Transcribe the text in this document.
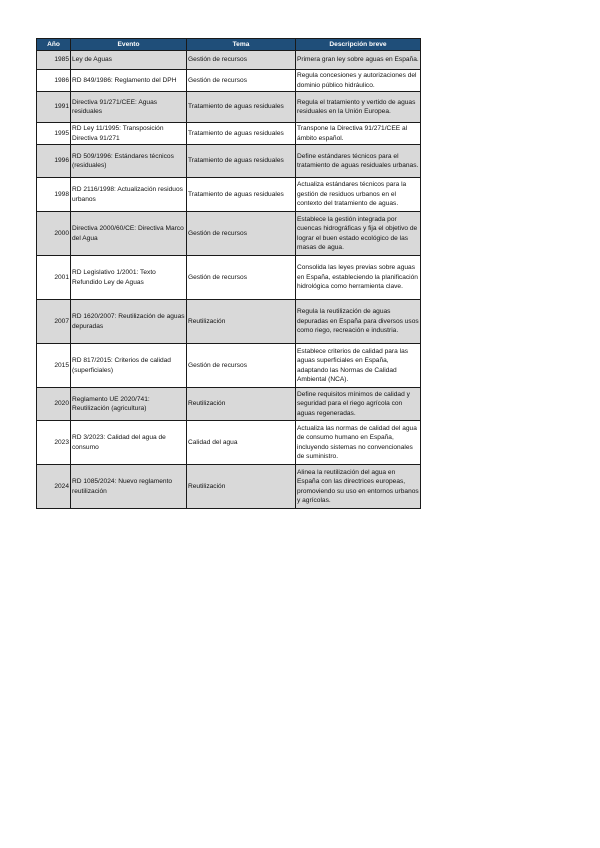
Año	Evento	Tema	Descripción breve
1985	Ley de Aguas	Gestión de recursos	Primera gran ley sobre aguas en España.
1986	RD 849/1986: Reglamento del DPH	Gestión de recursos	Regula concesiones y autorizaciones del dominio público hidráulico.
1991	Directiva 91/271/CEE: Aguas residuales	Tratamiento de aguas residuales	Regula el tratamiento y vertido de aguas residuales en la Unión Europea.
1995	RD Ley 11/1995: Transposición Directiva 91/271	Tratamiento de aguas residuales	Transpone la Directiva 91/271/CEE al ámbito español.
1996	RD 509/1996: Estándares técnicos (residuales)	Tratamiento de aguas residuales	Define estándares técnicos para el tratamiento de aguas residuales urbanas.
1998	RD 2116/1998: Actualización residuos urbanos	Tratamiento de aguas residuales	Actualiza estándares técnicos para la gestión de residuos urbanos en el contexto del tratamiento de aguas.
2000	Directiva 2000/60/CE: Directiva Marco del Agua	Gestión de recursos	Establece la gestión integrada por cuencas hidrográficas y fija el objetivo de lograr el buen estado ecológico de las masas de agua.
2001	RD Legislativo 1/2001: Texto Refundido Ley de Aguas	Gestión de recursos	Consolida las leyes previas sobre aguas en España, estableciendo la planificación hidrológica como herramienta clave.
2007	RD 1620/2007: Reutilización de aguas depuradas	Reutilización	Regula la reutilización de aguas depuradas en España para diversos usos como riego, recreación e industria.
2015	RD 817/2015: Criterios de calidad (superficiales)	Gestión de recursos	Establece criterios de calidad para las aguas superficiales en España, adaptando las Normas de Calidad Ambiental (NCA).
2020	Reglamento UE 2020/741: Reutilización (agricultura)	Reutilización	Define requisitos mínimos de calidad y seguridad para el riego agrícola con aguas regeneradas.
2023	RD 3/2023: Calidad del agua de consumo	Calidad del agua	Actualiza las normas de calidad del agua de consumo humano en España, incluyendo sistemas no convencionales de suministro.
2024	RD 1085/2024: Nuevo reglamento reutilización	Reutilización	Alinea la reutilización del agua en España con las directrices europeas, promoviendo su uso en entornos urbanos y agrícolas.
